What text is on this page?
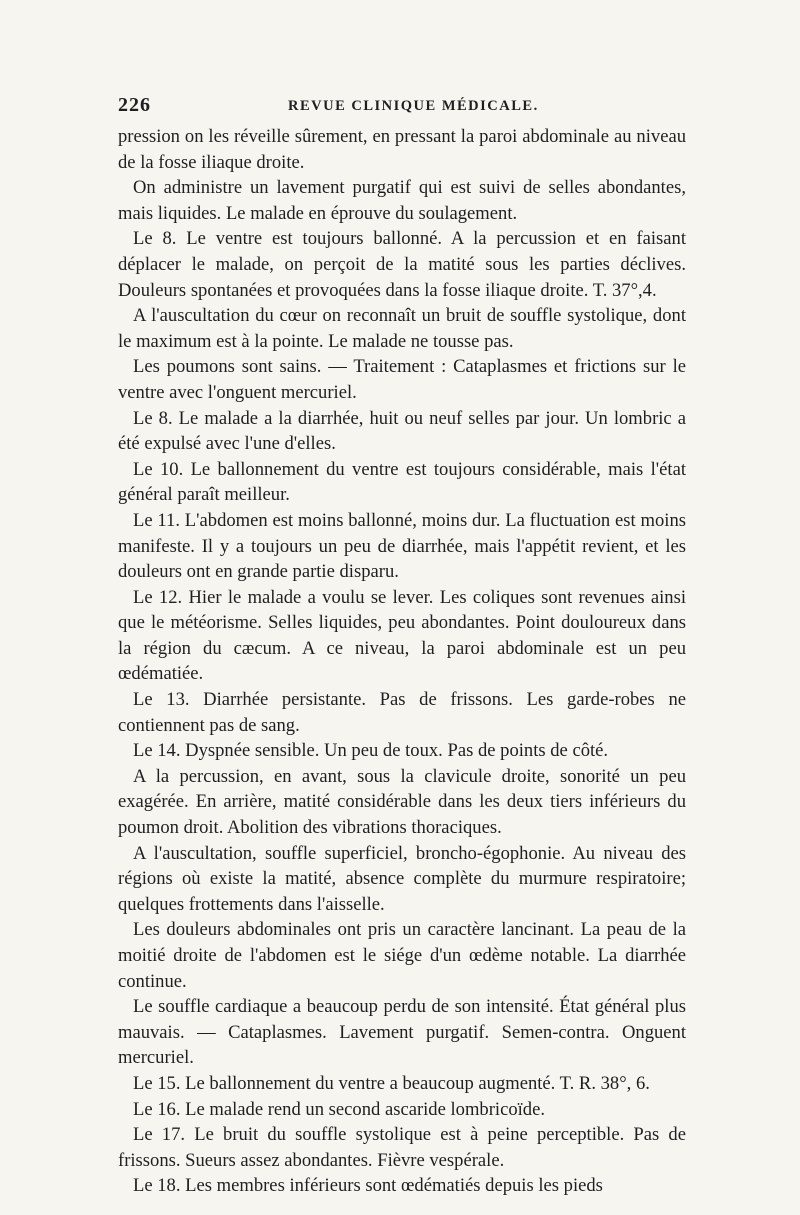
226	REVUE CLINIQUE MÉDICALE.

pression on les réveille sûrement, en pressant la paroi abdominale au niveau de la fosse iliaque droite.

On administre un lavement purgatif qui est suivi de selles abondantes, mais liquides. Le malade en éprouve du soulagement.

Le 8. Le ventre est toujours ballonné. A la percussion et en faisant déplacer le malade, on perçoit de la matité sous les parties déclives. Douleurs spontanées et provoquées dans la fosse iliaque droite. T. 37°,4.

A l'auscultation du cœur on reconnaît un bruit de souffle systolique, dont le maximum est à la pointe. Le malade ne tousse pas.

Les poumons sont sains. — Traitement : Cataplasmes et frictions sur le ventre avec l'onguent mercuriel.

Le 8. Le malade a la diarrhée, huit ou neuf selles par jour. Un lombric a été expulsé avec l'une d'elles.

Le 10. Le ballonnement du ventre est toujours considérable, mais l'état général paraît meilleur.

Le 11. L'abdomen est moins ballonné, moins dur. La fluctuation est moins manifeste. Il y a toujours un peu de diarrhée, mais l'appétit revient, et les douleurs ont en grande partie disparu.

Le 12. Hier le malade a voulu se lever. Les coliques sont revenues ainsi que le météorisme. Selles liquides, peu abondantes. Point douloureux dans la région du cæcum. A ce niveau, la paroi abdominale est un peu œdématiée.

Le 13. Diarrhée persistante. Pas de frissons. Les garde-robes ne contiennent pas de sang.

Le 14. Dyspnée sensible. Un peu de toux. Pas de points de côté.

A la percussion, en avant, sous la clavicule droite, sonorité un peu exagérée. En arrière, matité considérable dans les deux tiers inférieurs du poumon droit. Abolition des vibrations thoraciques.

A l'auscultation, souffle superficiel, broncho-égophonie. Au niveau des régions où existe la matité, absence complète du murmure respiratoire; quelques frottements dans l'aisselle.

Les douleurs abdominales ont pris un caractère lancinant. La peau de la moitié droite de l'abdomen est le siége d'un œdème notable. La diarrhée continue.

Le souffle cardiaque a beaucoup perdu de son intensité. État général plus mauvais. — Cataplasmes. Lavement purgatif. Semen-contra. Onguent mercuriel.

Le 15. Le ballonnement du ventre a beaucoup augmenté. T. R. 38°, 6.

Le 16. Le malade rend un second ascaride lombricoïde.

Le 17. Le bruit du souffle systolique est à peine perceptible. Pas de frissons. Sueurs assez abondantes. Fièvre vespérale.

Le 18. Les membres inférieurs sont œdématiés depuis les pieds
